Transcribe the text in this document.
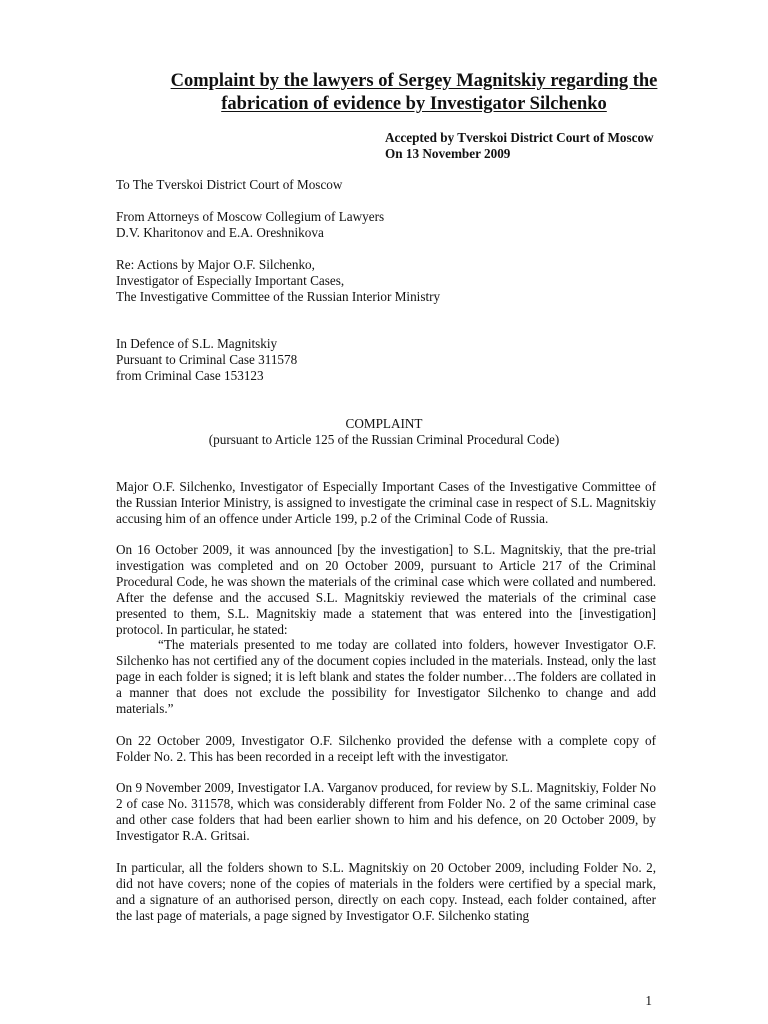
Complaint by the lawyers of Sergey Magnitskiy regarding the
fabrication of evidence by Investigator Silchenko
Accepted by Tverskoi District Court of Moscow
On 13 November 2009
To The Tverskoi District Court of Moscow
From Attorneys of Moscow Collegium of Lawyers
D.V. Kharitonov and E.A. Oreshnikova
Re: Actions by Major O.F. Silchenko,
Investigator of Especially Important Cases,
The Investigative Committee of the Russian Interior Ministry
In Defence of S.L. Magnitskiy
Pursuant to Criminal Case 311578
from Criminal Case 153123
COMPLAINT
(pursuant to Article 125 of the Russian Criminal Procedural Code)
Major O.F. Silchenko, Investigator of Especially Important Cases of the Investigative Committee of the Russian Interior Ministry, is assigned to investigate the criminal case in respect of S.L. Magnitskiy accusing him of an offence under Article 199, p.2 of the Criminal Code of Russia.
On 16 October 2009, it was announced [by the investigation] to S.L. Magnitskiy, that the pre-trial investigation was completed and on 20 October 2009, pursuant to Article 217 of the Criminal Procedural Code, he was shown the materials of the criminal case which were collated and numbered. After the defense and the accused S.L. Magnitskiy reviewed the materials of the criminal case presented to them, S.L. Magnitskiy made a statement that was entered into the [investigation] protocol. In particular, he stated:
“The materials presented to me today are collated into folders, however Investigator O.F. Silchenko has not certified any of the document copies included in the materials. Instead, only the last page in each folder is signed; it is left blank and states the folder number…The folders are collated in a manner that does not exclude the possibility for Investigator Silchenko to change and add materials.”
On 22 October 2009, Investigator O.F. Silchenko provided the defense with a complete copy of Folder No. 2. This has been recorded in a receipt left with the investigator.
On 9 November 2009, Investigator I.A. Varganov produced, for review by S.L. Magnitskiy, Folder No 2 of case No. 311578, which was considerably different from Folder No. 2 of the same criminal case and other case folders that had been earlier shown to him and his defence, on 20 October 2009, by Investigator R.A. Gritsai.
In particular, all the folders shown to S.L. Magnitskiy on 20 October 2009, including Folder No. 2, did not have covers; none of the copies of materials in the folders were certified by a special mark, and a signature of an authorised person, directly on each copy. Instead, each folder contained, after the last page of materials, a page signed by Investigator O.F. Silchenko stating
1
